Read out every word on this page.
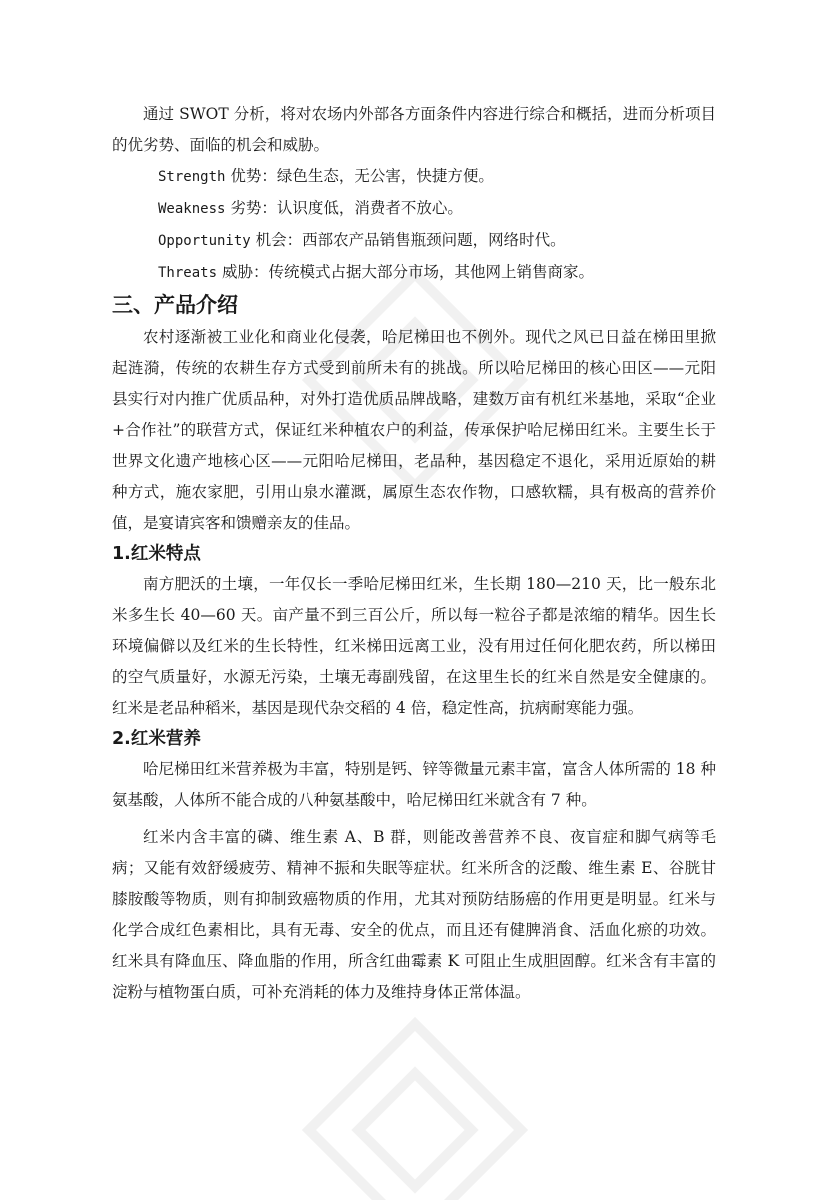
通过 SWOT 分析，将对农场内外部各方面条件内容进行综合和概括，进而分析项目的优劣势、面临的机会和威胁。

Strength 优势：绿色生态，无公害，快捷方便。

Weakness 劣势：认识度低，消费者不放心。

Opportunity 机会：西部农产品销售瓶颈问题，网络时代。

Threats 威胁：传统模式占据大部分市场，其他网上销售商家。

三、产品介绍

农村逐渐被工业化和商业化侵袭，哈尼梯田也不例外。现代之风已日益在梯田里掀起涟漪，传统的农耕生存方式受到前所未有的挑战。所以哈尼梯田的核心田区——元阳县实行对内推广优质品种，对外打造优质品牌战略，建数万亩有机红米基地，采取“企业+合作社”的联营方式，保证红米种植农户的利益，传承保护哈尼梯田红米。主要生长于世界文化遗产地核心区——元阳哈尼梯田，老品种，基因稳定不退化，采用近原始的耕种方式，施农家肥，引用山泉水灌溉，属原生态农作物，口感软糯，具有极高的营养价值，是宴请宾客和馈赠亲友的佳品。

1.红米特点

南方肥沃的土壤，一年仅长一季哈尼梯田红米，生长期 180—210 天，比一般东北米多生长 40—60 天。亩产量不到三百公斤，所以每一粒谷子都是浓缩的精华。因生长环境偏僻以及红米的生长特性，红米梯田远离工业，没有用过任何化肥农药，所以梯田的空气质量好，水源无污染，土壤无毒副残留，在这里生长的红米自然是安全健康的。红米是老品种稻米，基因是现代杂交稻的 4 倍，稳定性高，抗病耐寒能力强。

2.红米营养

哈尼梯田红米营养极为丰富，特别是钙、锌等微量元素丰富，富含人体所需的 18 种氨基酸，人体所不能合成的八种氨基酸中，哈尼梯田红米就含有 7 种。

红米内含丰富的磷、维生素 A、B 群，则能改善营养不良、夜盲症和脚气病等毛病；又能有效舒缓疲劳、精神不振和失眠等症状。红米所含的泛酸、维生素 E、谷胱甘膝胺酸等物质，则有抑制致癌物质的作用，尤其对预防结肠癌的作用更是明显。红米与化学合成红色素相比，具有无毒、安全的优点，而且还有健脾消食、活血化瘀的功效。红米具有降血压、降血脂的作用，所含红曲霉素 K 可阻止生成胆固醇。红米含有丰富的淀粉与植物蛋白质，可补充消耗的体力及维持身体正常体温。
